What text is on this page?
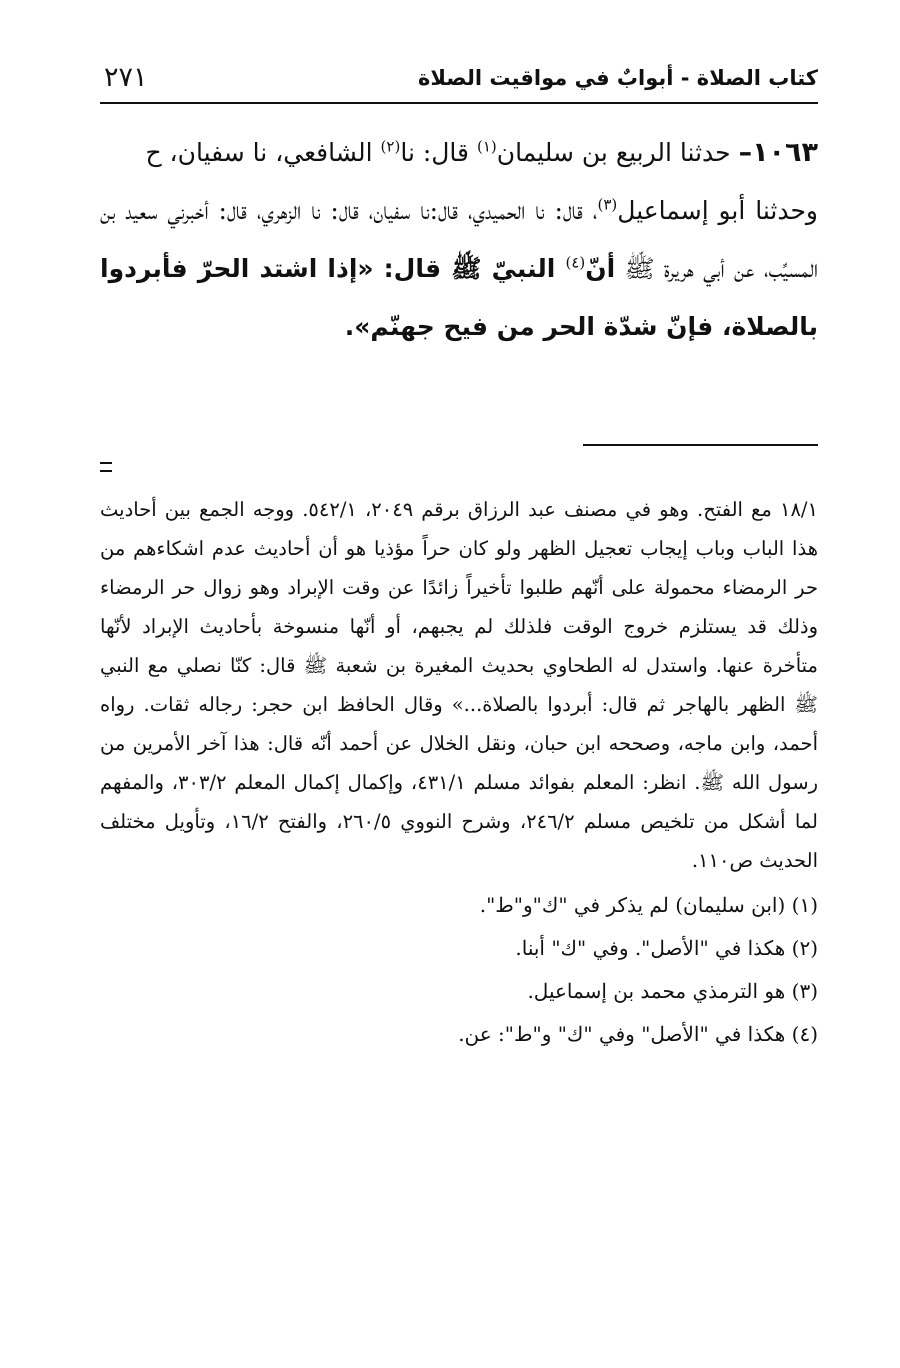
كتاب الصلاة - أبوابٌ في مواقيت الصلاة
٢٧١

١٠٦٣– حدثنا الربيع بن سليمان$^{(١)}$ قال: نا$^{(٢)}$ الشافعي، نا سفيان، ح

وحدثنا أبو إسماعيل$^{(٣)}$، قال: نا الحميدي، قال:نا سفيان، قال: نا الزهري، قال: أخبرني سعيد بن المسيِّب، عن أبي هريرة ﷺ أنّ$^{(٤)}$ النبيّ ﷺ قال: «إذا اشتد الحرّ فأبردوا بالصلاة، فإنّ شدّة الحر من فيح جهنّم».

١٨/١ مع الفتح. وهو في مصنف عبد الرزاق برقم ٢٠٤٩، ٥٤٢/١. ووجه الجمع بين أحاديث هذا الباب وباب إيجاب تعجيل الظهر ولو كان حراً مؤذيا هو أن أحاديث عدم اشكاءهم من حر الرمضاء محمولة على أنّهم طلبوا تأخيراً زائدًا عن وقت الإبراد وهو زوال حر الرمضاء وذلك قد يستلزم خروج الوقت فلذلك لم يجبهم، أو أنّها منسوخة بأحاديث الإبراد لأنّها متأخرة عنها. واستدل له الطحاوي بحديث المغيرة بن شعبة ﷺ قال: كنّا نصلي مع النبي ﷺ الظهر بالهاجر ثم قال: أبردوا بالصلاة...» وقال الحافظ ابن حجر: رجاله ثقات. رواه أحمد، وابن ماجه، وصححه ابن حبان، ونقل الخلال عن أحمد أنّه قال: هذا آخر الأمرين من رسول الله ﷺ. انظر: المعلم بفوائد مسلم ٤٣١/١، وإكمال إكمال المعلم ٣٠٣/٢، والمفهم لما أشكل من تلخيص مسلم ٢٤٦/٢، وشرح النووي ٢٦٠/٥، والفتح ١٦/٢، وتأويل مختلف الحديث ص١١٠.

(١) (ابن سليمان) لم يذكر في "ك"و"ط".

(٢) هكذا في "الأصل". وفي "ك" أبنا.

(٣) هو الترمذي محمد بن إسماعيل.

(٤) هكذا في "الأصل" وفي "ك" و"ط": عن.
